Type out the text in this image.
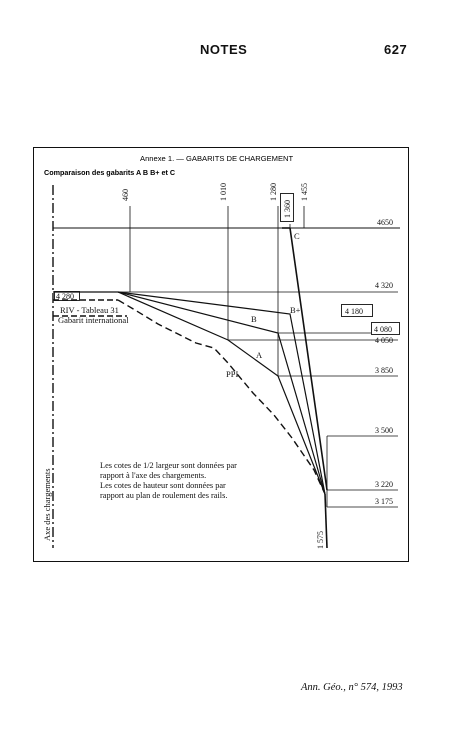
NOTES	627
Annexe 1. — GABARITS DE CHARGEMENT
Comparaison des gabarits A B B+ et C
Axe des chargements
460	1 010	1 280
1 360
1 455
4650
4 320
4 180
4 080
4 050
3 850
3 500
3 220
3 175
1 575
4 280
RIV - Tableau 31
Gabarit international
C
B+
B
A
PPI
Les cotes de 1/2 largeur sont données par
rapport à l'axe des chargements.
Les cotes de hauteur sont données par
rapport au plan de roulement des rails.
Ann. Géo., n° 574, 1993
